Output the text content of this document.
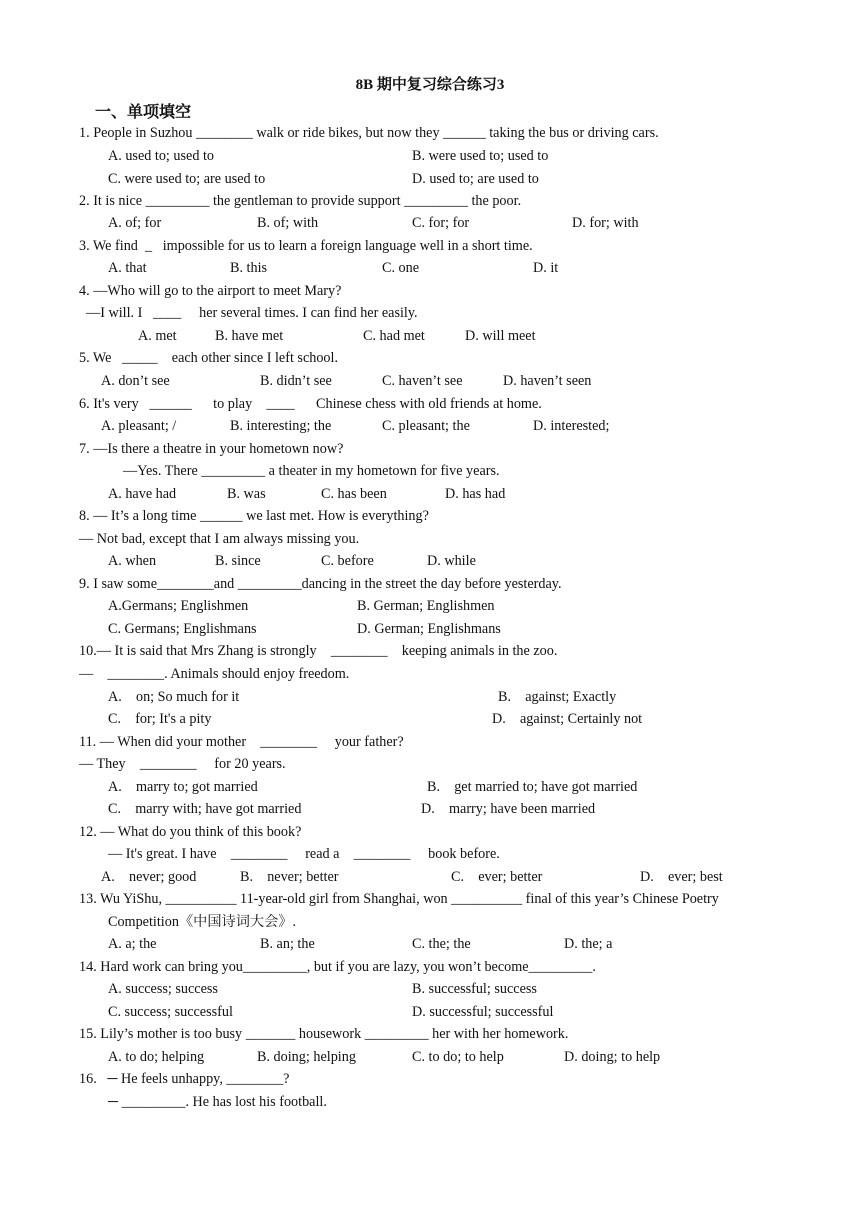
8B 期中复习综合练习3
一、单项填空
1. People in Suzhou ________ walk or ride bikes, but now they ______ taking the bus or driving cars.
A. used to; used to	B. were used to; used to
C. were used to; are used to	D. used to; are used to
2. It is nice _________ the gentleman to provide support _________ the poor.
A. of; for	B. of; with	C. for; for	D. for; with
3. We find  _   impossible for us to learn a foreign language well in a short time.
A. that	B. this	C. one	D. it
4. —Who will go to the airport to meet Mary?
—I will. I   ____     her several times. I can find her easily.
A. met	B. have met	C. had met	D. will meet
5. We   _____    each other since I left school.
A. don’t see	B. didn’t see	C. haven’t see	D. haven’t seen
6. It's very   ______      to play    ____      Chinese chess with old friends at home.
A. pleasant; /	B. interesting; the	C. pleasant; the	D. interested;
7. —Is there a theatre in your hometown now?
—Yes. There _________ a theater in my hometown for five years.
A. have had	B. was	C. has been	D. has had
8. — It’s a long time ______ we last met. How is everything?
— Not bad, except that I am always missing you.
A. when	B. since	C. before	D. while
9. I saw some________and _________dancing in the street the day before yesterday.
A.Germans; Englishmen	B. German; Englishmen
C. Germans; Englishmans	D. German; Englishmans
10.— It is said that Mrs Zhang is strongly    ________    keeping animals in the zoo.
—    ________. Animals should enjoy freedom.
A.    on; So much for it	B.    against; Exactly
C.    for; It's a pity	D.    against; Certainly not
11. — When did your mother    ________     your father?
— They    ________     for 20 years.
A.    marry to; got married	B.    get married to; have got married
C.    marry with; have got married	D.    marry; have been married
12. — What do you think of this book?
— It's great. I have    ________     read a    ________     book before.
A.    never; good	B.    never; better	C.    ever; better	D.    ever; best
13. Wu YiShu, __________ 11-year-old girl from Shanghai, won __________ final of this year’s Chinese Poetry
Competition《中国诗词大会》.
A. a; the	B. an; the	C. the; the	D. the; a
14. Hard work can bring you_________, but if you are lazy, you won’t become_________.
A. success; success	B. successful; success
C. success; successful	D. successful; successful
15. Lily’s mother is too busy _______ housework _________ her with her homework.
A. to do; helping	B. doing; helping	C. to do; to help	D. doing; to help
16.   ─ He feels unhappy, ________?
─ _________. He has lost his football.
